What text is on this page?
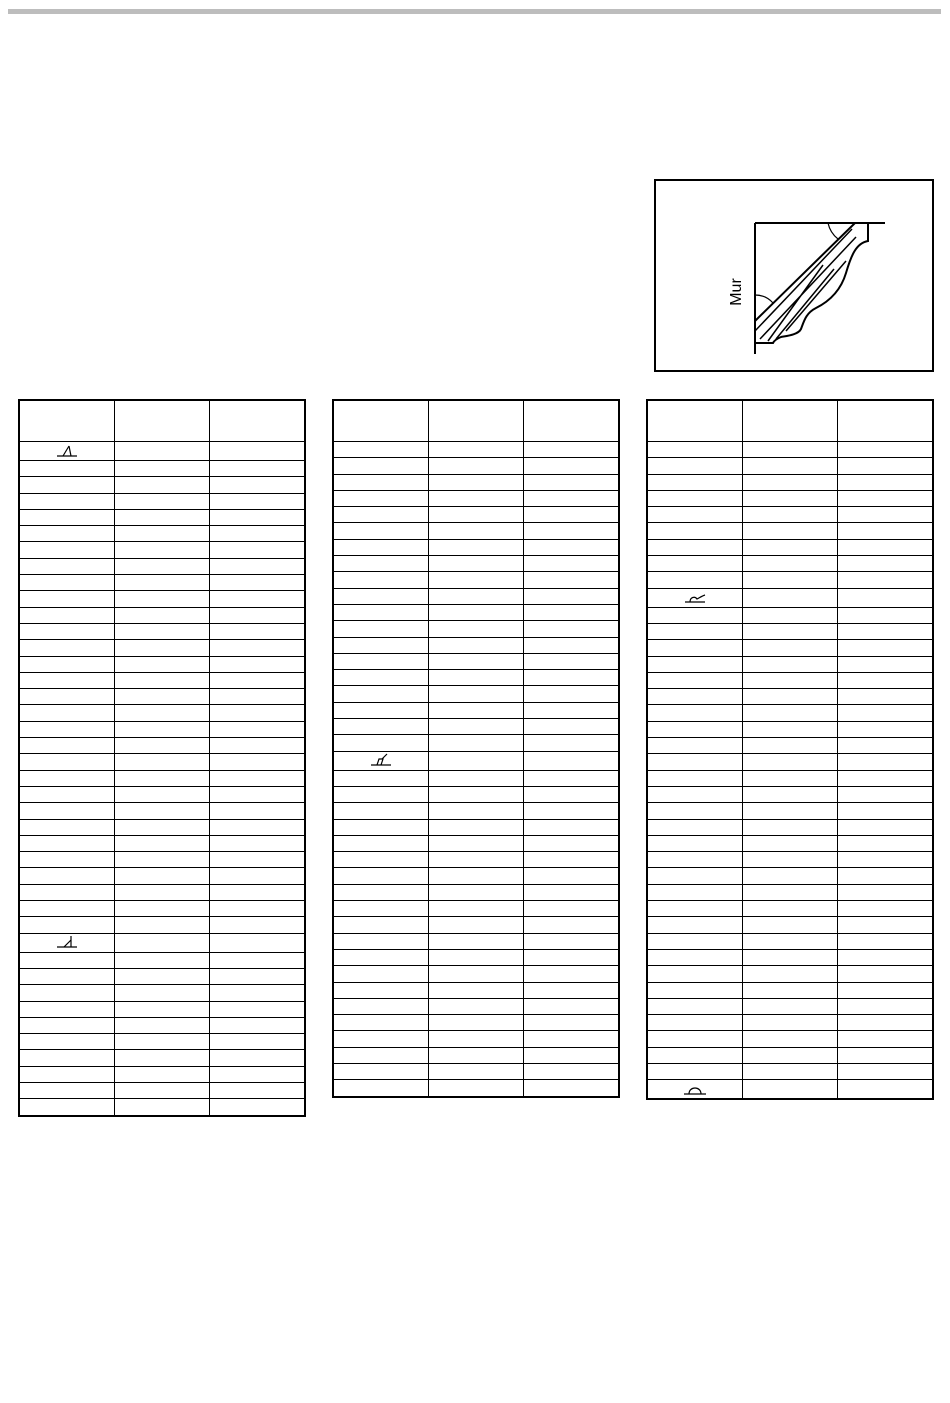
Mur
